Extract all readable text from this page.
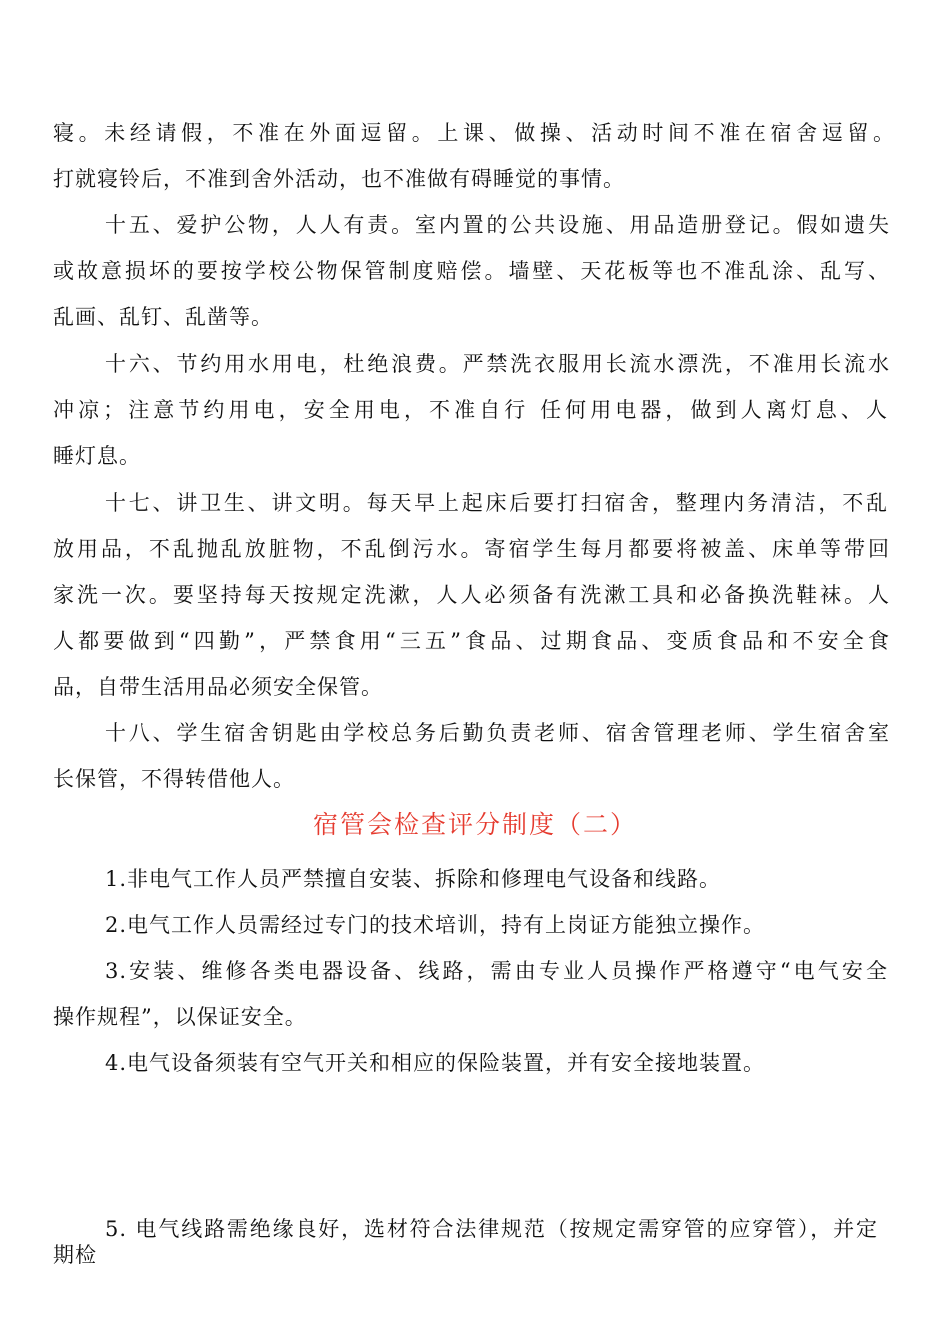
寝。未经请假，不准在外面逗留。上课、做操、活动时间不准在宿舍逗留。
打就寝铃后，不准到舍外活动，也不准做有碍睡觉的事情。
十五、爱护公物，人人有责。室内置的公共设施、用品造册登记。假如遗失
或故意损坏的要按学校公物保管制度赔偿。墙壁、天花板等也不准乱涂、乱写、
乱画、乱钉、乱凿等。
十六、节约用水用电，杜绝浪费。严禁洗衣服用长流水漂洗，不准用长流水
冲凉；注意节约用电，安全用电，不准自行 任何用电器，做到人离灯息、人
睡灯息。
十七、讲卫生、讲文明。每天早上起床后要打扫宿舍，整理内务清洁，不乱
放用品，不乱抛乱放脏物，不乱倒污水。寄宿学生每月都要将被盖、床单等带回
家洗一次。要坚持每天按规定洗漱，人人必须备有洗漱工具和必备换洗鞋袜。人
人都要做到“四勤”，严禁食用“三五”食品、过期食品、变质食品和不安全食
品，自带生活用品必须安全保管。
十八、学生宿舍钥匙由学校总务后勤负责老师、宿舍管理老师、学生宿舍室
长保管，不得转借他人。
宿管会检查评分制度（二）
1.非电气工作人员严禁擅自安装、拆除和修理电气设备和线路。
2.电气工作人员需经过专门的技术培训，持有上岗证方能独立操作。
3.安装、维修各类电器设备、线路，需由专业人员操作严格遵守“电气安全
操作规程”，以保证安全。
4.电气设备须装有空气开关和相应的保险装置，并有安全接地装置。
5. 电气线路需绝缘良好，选材符合法律规范（按规定需穿管的应穿管），并定
期检
